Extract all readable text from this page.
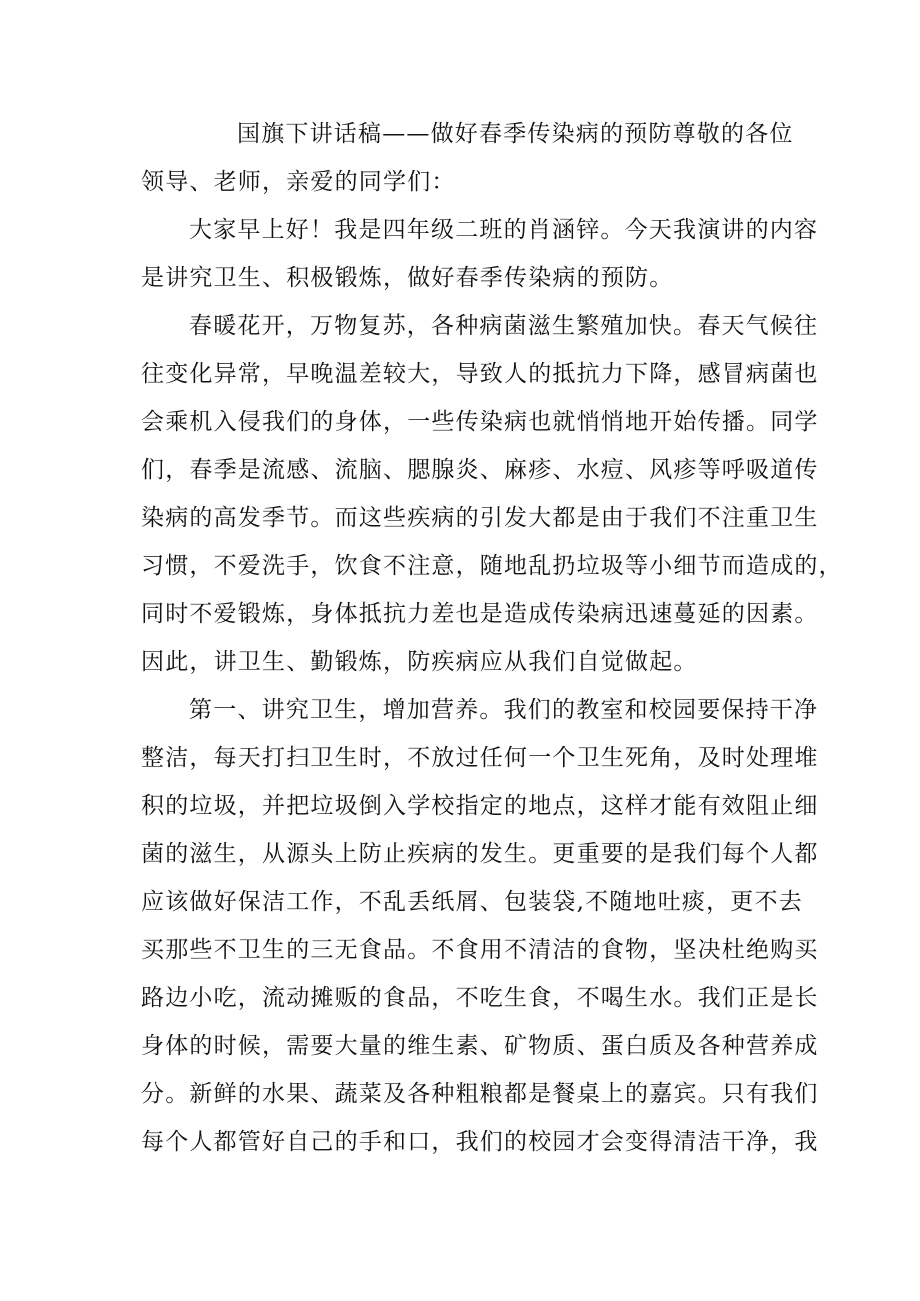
国旗下讲话稿——做好春季传染病的预防尊敬的各位
领导、老师，亲爱的同学们：
大家早上好！我是四年级二班的肖涵锌。今天我演讲的内容
是讲究卫生、积极锻炼，做好春季传染病的预防。
春暖花开，万物复苏，各种病菌滋生繁殖加快。春天气候往
往变化异常，早晚温差较大，导致人的抵抗力下降，感冒病菌也
会乘机入侵我们的身体，一些传染病也就悄悄地开始传播。同学
们，春季是流感、流脑、腮腺炎、麻疹、水痘、风疹等呼吸道传
染病的高发季节。而这些疾病的引发大都是由于我们不注重卫生
习惯，不爱洗手，饮食不注意，随地乱扔垃圾等小细节而造成的，
同时不爱锻炼，身体抵抗力差也是造成传染病迅速蔓延的因素。
因此，讲卫生、勤锻炼，防疾病应从我们自觉做起。
第一、讲究卫生，增加营养。我们的教室和校园要保持干净
整洁，每天打扫卫生时，不放过任何一个卫生死角，及时处理堆
积的垃圾，并把垃圾倒入学校指定的地点，这样才能有效阻止细
菌的滋生，从源头上防止疾病的发生。更重要的是我们每个人都
应该做好保洁工作，不乱丢纸屑、包装袋,不随地吐痰，更不去
买那些不卫生的三无食品。不食用不清洁的食物，坚决杜绝购买
路边小吃，流动摊贩的食品，不吃生食，不喝生水。我们正是长
身体的时候，需要大量的维生素、矿物质、蛋白质及各种营养成
分。新鲜的水果、蔬菜及各种粗粮都是餐桌上的嘉宾。只有我们
每个人都管好自己的手和口，我们的校园才会变得清洁干净，我
